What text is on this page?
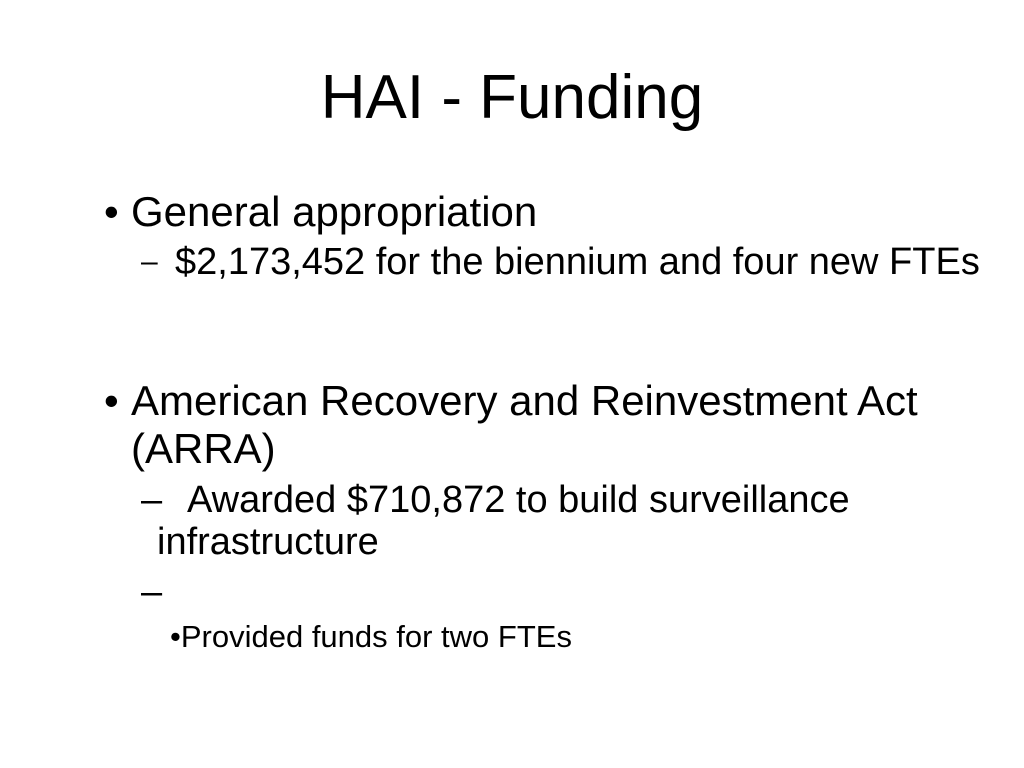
HAI - Funding
• General appropriation
– $2,173,452 for the biennium and four new FTEs
• American Recovery and Reinvestment Act (ARRA)
– Awarded $710,872 to build surveillance infrastructure
–
•Provided funds for two FTEs
